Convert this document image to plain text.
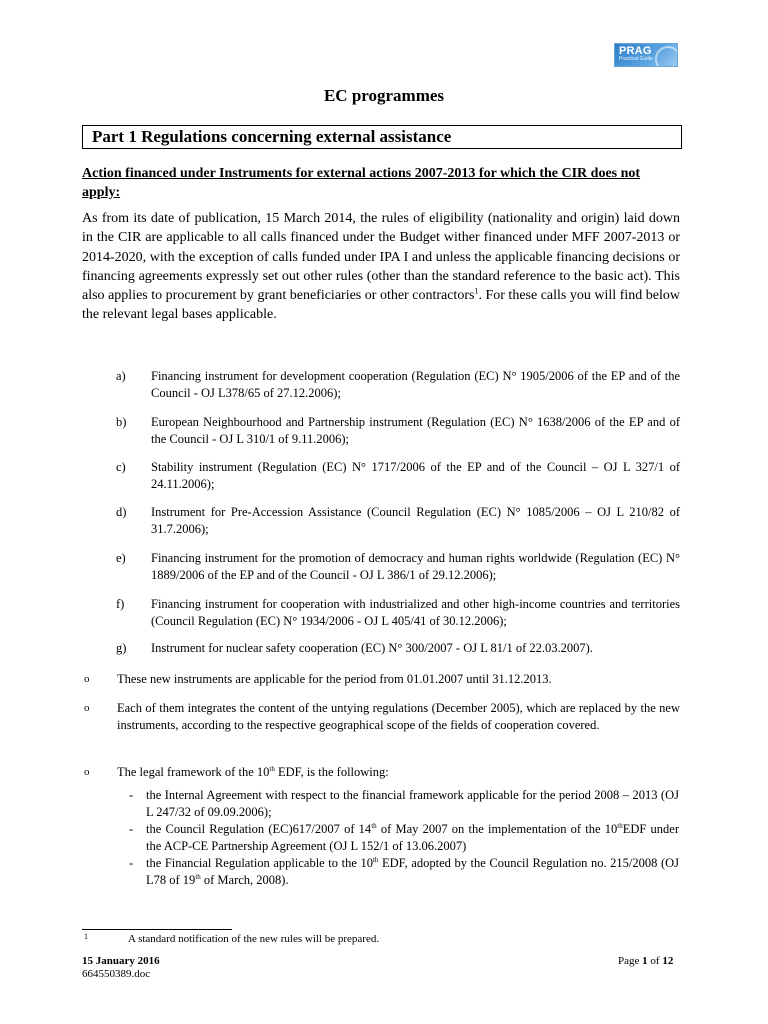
PRAG
Practical Guide
EC programmes
Part 1 Regulations concerning external assistance
Action financed under Instruments for external actions 2007-2013 for which the CIR does not apply:
As from its date of publication, 15 March 2014, the rules of eligibility (nationality and origin) laid down in the CIR are applicable to all calls financed under the Budget wither financed under MFF 2007-2013 or 2014-2020, with the exception of calls funded under IPA I and unless the applicable financing decisions or financing agreements expressly set out other rules (other than the standard reference to the basic act). This also applies to procurement by grant beneficiaries or other contractors$^1$. For these calls you will find below the relevant legal bases applicable.
a) Financing instrument for development cooperation (Regulation (EC) N° 1905/2006 of the EP and of the Council - OJ L378/65 of 27.12.2006);
b) European Neighbourhood and Partnership instrument (Regulation (EC) N° 1638/2006 of the EP and of the Council - OJ L 310/1 of 9.11.2006);
c) Stability instrument (Regulation (EC) N° 1717/2006 of the EP and of the Council – OJ L 327/1 of 24.11.2006);
d) Instrument for Pre-Accession Assistance (Council Regulation (EC) N° 1085/2006 – OJ L 210/82 of 31.7.2006);
e) Financing instrument for the promotion of democracy and human rights worldwide (Regulation (EC) N° 1889/2006 of the EP and of the Council - OJ L 386/1 of 29.12.2006);
f) Financing instrument for cooperation with industrialized and other high-income countries and territories (Council Regulation (EC) N° 1934/2006 - OJ L 405/41 of 30.12.2006);
g) Instrument for nuclear safety cooperation (EC) N° 300/2007 - OJ L 81/1 of 22.03.2007).
o These new instruments are applicable for the period from 01.01.2007 until 31.12.2013.
o Each of them integrates the content of the untying regulations (December 2005), which are replaced by the new instruments, according to the respective geographical scope of the fields of cooperation covered.
o The legal framework of the 10th EDF, is the following:
- the Internal Agreement with respect to the financial framework applicable for the period 2008 – 2013 (OJ L 247/32 of 09.09.2006);
- the Council Regulation (EC)617/2007 of 14th of May 2007 on the implementation of the 10thEDF under the ACP-CE Partnership Agreement (OJ L 152/1 of 13.06.2007)
- the Financial Regulation applicable to the 10th EDF, adopted by the Council Regulation no. 215/2008 (OJ L78 of 19th of March, 2008).
1	A standard notification of the new rules will be prepared.
15 January 2016
664550389.doc
Page 1 of 12
